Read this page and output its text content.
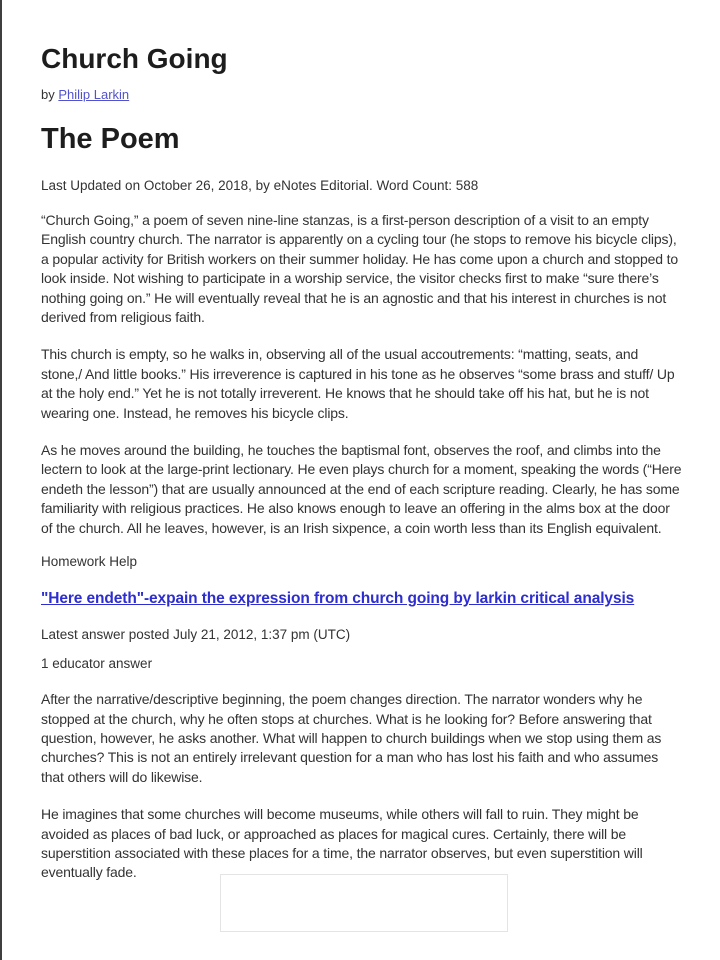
Church Going
by Philip Larkin
The Poem
Last Updated on October 26, 2018, by eNotes Editorial. Word Count: 588

“Church Going,” a poem of seven nine-line stanzas, is a first-person description of a visit to an empty English country church. The narrator is apparently on a cycling tour (he stops to remove his bicycle clips), a popular activity for British workers on their summer holiday. He has come upon a church and stopped to look inside. Not wishing to participate in a worship service, the visitor checks first to make “sure there’s nothing going on.” He will eventually reveal that he is an agnostic and that his interest in churches is not derived from religious faith.

This church is empty, so he walks in, observing all of the usual accoutrements: “matting, seats, and stone,/ And little books.” His irreverence is captured in his tone as he observes “some brass and stuff/ Up at the holy end.” Yet he is not totally irreverent. He knows that he should take off his hat, but he is not wearing one. Instead, he removes his bicycle clips.

As he moves around the building, he touches the baptismal font, observes the roof, and climbs into the lectern to look at the large-print lectionary. He even plays church for a moment, speaking the words (“Here endeth the lesson”) that are usually announced at the end of each scripture reading. Clearly, he has some familiarity with religious practices. He also knows enough to leave an offering in the alms box at the door of the church. All he leaves, however, is an Irish sixpence, a coin worth less than its English equivalent.

Homework Help
"Here endeth"-expain the expression from church going by larkin critical analysis
Latest answer posted July 21, 2012, 1:37 pm (UTC)
1 educator answer

After the narrative/descriptive beginning, the poem changes direction. The narrator wonders why he stopped at the church, why he often stops at churches. What is he looking for? Before answering that question, however, he asks another. What will happen to church buildings when we stop using them as churches? This is not an entirely irrelevant question for a man who has lost his faith and who assumes that others will do likewise.

He imagines that some churches will become museums, while others will fall to ruin. They might be avoided as places of bad luck, or approached as places for magical cures. Certainly, there will be superstition associated with these places for a time, the narrator observes, but even superstition will eventually fade.
